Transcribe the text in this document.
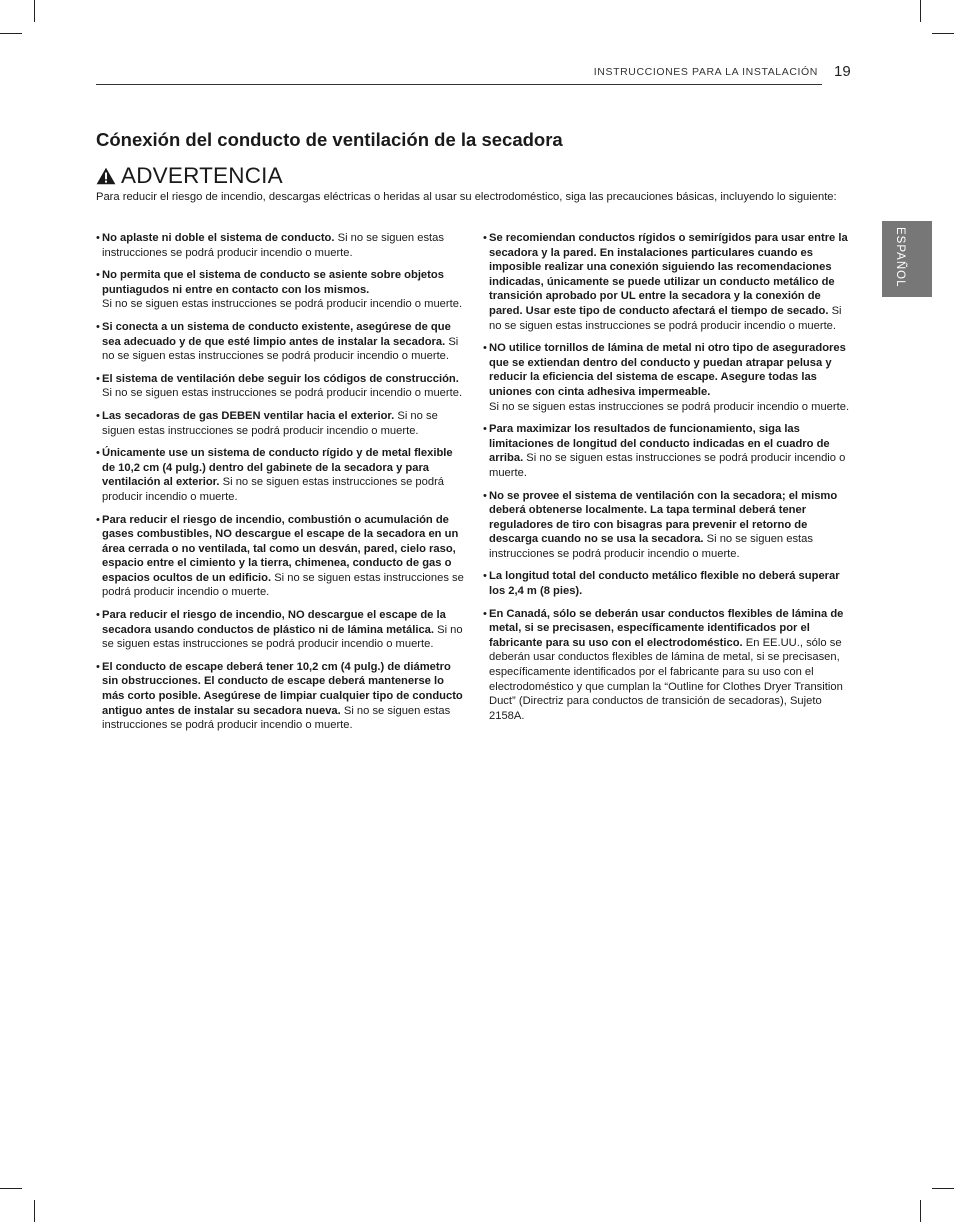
INSTRUCCIONES PARA LA INSTALACIÓN 19
ESPAÑOL
Cónexión del conducto de ventilación de la secadora
ADVERTENCIA

Para reducir el riesgo de incendio, descargas eléctricas o heridas al usar su electrodoméstico, siga las precauciones básicas, incluyendo lo siguiente:

• No aplaste ni doble el sistema de conducto. Si no se siguen estas instrucciones se podrá producir incendio o muerte.
• No permita que el sistema de conducto se asiente sobre objetos puntiagudos ni entre en contacto con los mismos.
Si no se siguen estas instrucciones se podrá producir incendio o muerte.
• Si conecta a un sistema de conducto existente, asegúrese de que sea adecuado y de que esté limpio antes de instalar la secadora. Si no se siguen estas instrucciones se podrá producir incendio o muerte.
• El sistema de ventilación debe seguir los códigos de construcción. Si no se siguen estas instrucciones se podrá producir incendio o muerte.
• Las secadoras de gas DEBEN ventilar hacia el exterior. Si no se siguen estas instrucciones se podrá producir incendio o muerte.
• Únicamente use un sistema de conducto rígido y de metal flexible de 10,2 cm (4 pulg.) dentro del gabinete de la secadora y para ventilación al exterior. Si no se siguen estas instrucciones se podrá producir incendio o muerte.
• Para reducir el riesgo de incendio, combustión o acumulación de gases combustibles, NO descargue el escape de la secadora en un área cerrada o no ventilada, tal como un desván, pared, cielo raso, espacio entre el cimiento y la tierra, chimenea, conducto de gas o espacios ocultos de un edificio. Si no se siguen estas instrucciones se podrá producir incendio o muerte.
• Para reducir el riesgo de incendio, NO descargue el escape de la secadora usando conductos de plástico ni de lámina metálica. Si no se siguen estas instrucciones se podrá producir incendio o muerte.
• El conducto de escape deberá tener 10,2 cm (4 pulg.) de diámetro sin obstrucciones. El conducto de escape deberá mantenerse lo más corto posible. Asegúrese de limpiar cualquier tipo de conducto antiguo antes de instalar su secadora nueva. Si no se siguen estas instrucciones se podrá producir incendio o muerte.
• Se recomiendan conductos rígidos o semirígidos para usar entre la secadora y la pared. En instalaciones particulares cuando es imposible realizar una conexión siguiendo las recomendaciones indicadas, únicamente se puede utilizar un conducto metálico de transición aprobado por UL entre la secadora y la conexión de pared. Usar este tipo de conducto afectará el tiempo de secado. Si no se siguen estas instrucciones se podrá producir incendio o muerte.
• NO utilice tornillos de lámina de metal ni otro tipo de aseguradores que se extiendan dentro del conducto y puedan atrapar pelusa y reducir la eficiencia del sistema de escape. Asegure todas las uniones con cinta adhesiva impermeable.
Si no se siguen estas instrucciones se podrá producir incendio o muerte.
• Para maximizar los resultados de funcionamiento, siga las limitaciones de longitud del conducto indicadas en el cuadro de arriba. Si no se siguen estas instrucciones se podrá producir incendio o muerte.
• No se provee el sistema de ventilación con la secadora; el mismo deberá obtenerse localmente. La tapa terminal deberá tener reguladores de tiro con bisagras para prevenir el retorno de descarga cuando no se usa la secadora. Si no se siguen estas instrucciones se podrá producir incendio o muerte.
• La longitud total del conducto metálico flexible no deberá superar los 2,4 m (8 pies).
• En Canadá, sólo se deberán usar conductos flexibles de lámina de metal, si se precisasen, específicamente identificados por el fabricante para su uso con el electrodoméstico. En EE.UU., sólo se deberán usar conductos flexibles de lámina de metal, si se precisasen, específicamente identificados por el fabricante para su uso con el electrodoméstico y que cumplan la “Outline for Clothes Dryer Transition Duct” (Directriz para conductos de transición de secadoras), Sujeto 2158A.
